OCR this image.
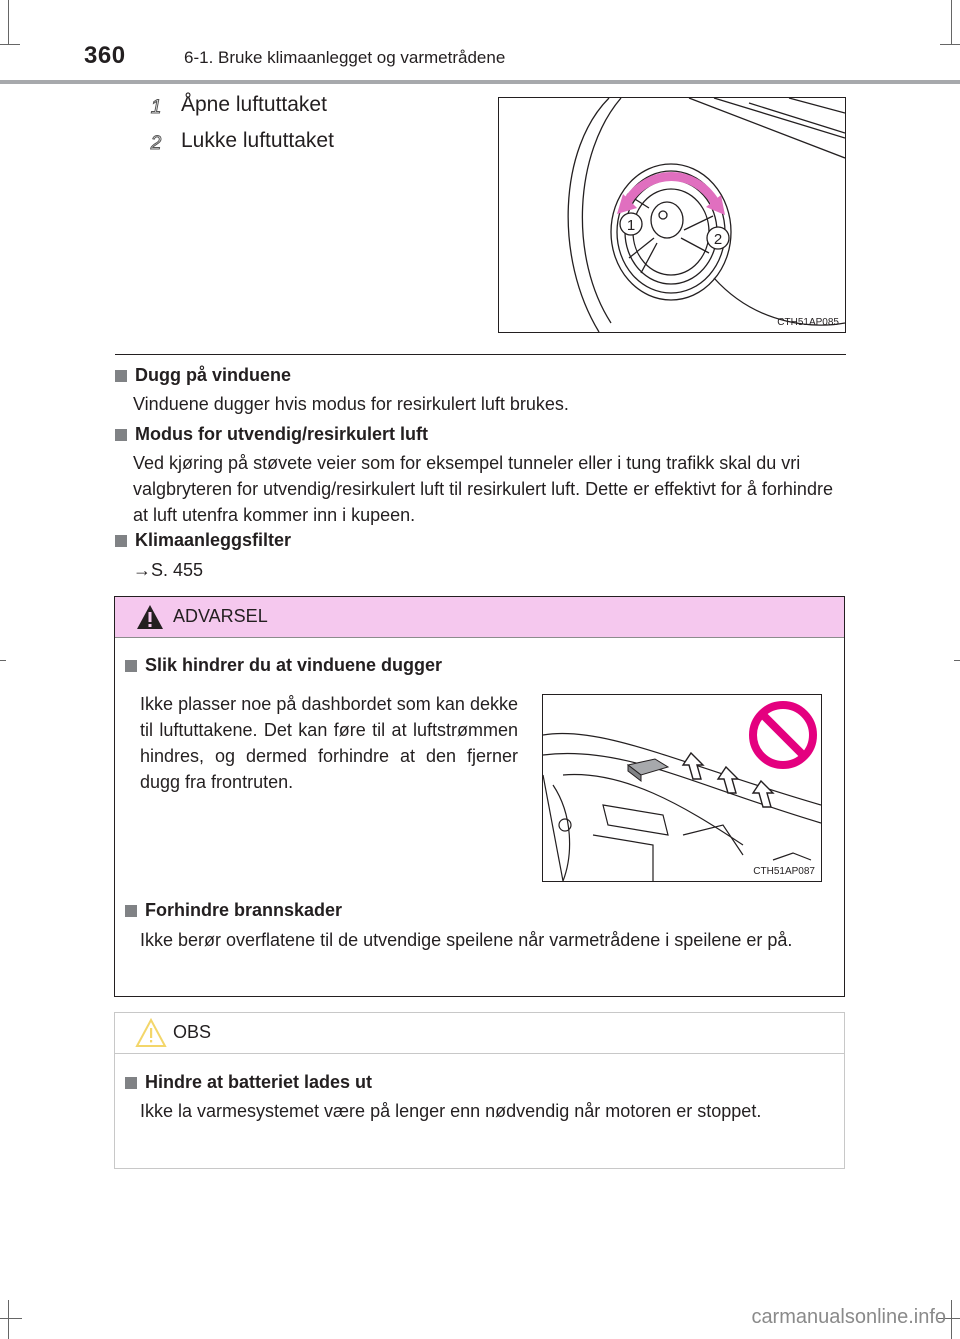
360	6-1. Bruke klimaanlegget og varmetrådene
1 Åpne luftuttaket
2 Lukke luftuttaket
1
2
CTH51AP085
Dugg på vinduene
Vinduene dugger hvis modus for resirkulert luft brukes.
Modus for utvendig/resirkulert luft
Ved kjøring på støvete veier som for eksempel tunneler eller i tung trafikk skal du vri valgbryteren for utvendig/resirkulert luft til resirkulert luft. Dette er effektivt for å forhindre at luft utenfra kommer inn i kupeen.
Klimaanleggsfilter
→S. 455
ADVARSEL
Slik hindrer du at vinduene dugger
Ikke plasser noe på dashbordet som kan dekke til luftuttakene. Det kan føre til at luftstrømmen hindres, og dermed forhindre at den fjerner dugg fra frontruten.
CTH51AP087
Forhindre brannskader
Ikke berør overflatene til de utvendige speilene når varmetrådene i speilene er på.
OBS
Hindre at batteriet lades ut
Ikke la varmesystemet være på lenger enn nødvendig når motoren er stoppet.
carmanualsonline.info
